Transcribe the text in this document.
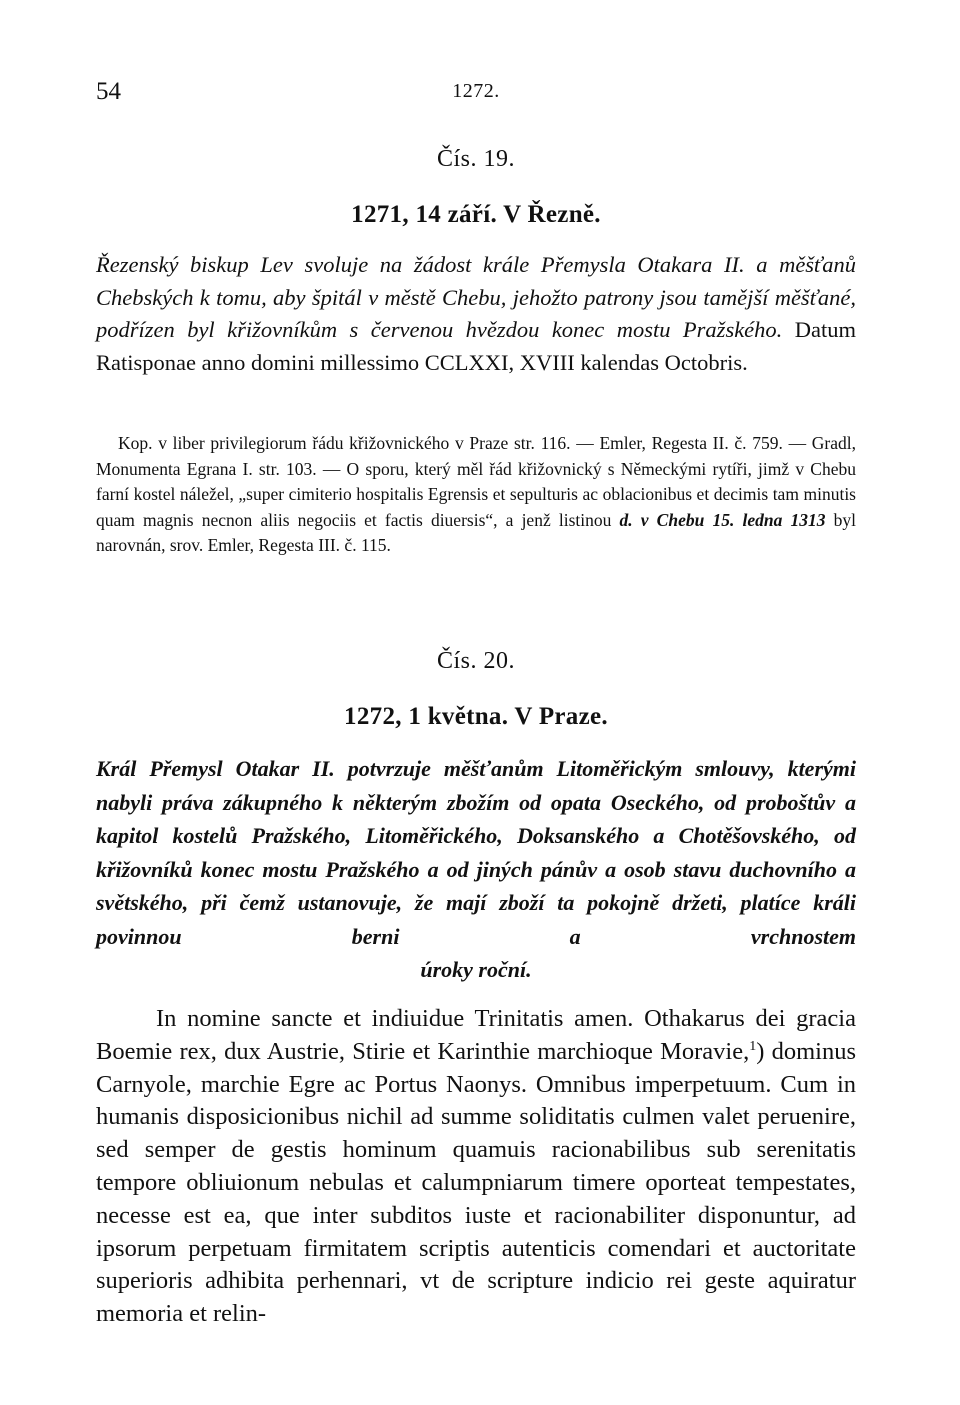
54	1272.
Čís. 19.
1271, 14 září. V Řezně.

Řezenský biskup Lev svoluje na žádost krále Přemysla Otakara II. a měšťanů Chebských k tomu, aby špitál v městě Chebu, jehožto patrony jsou tamější měšťané, podřízen byl křižovníkům s červenou hvězdou konec mostu Pražského. Datum Ratisponae anno domini millessimo CCLXXI, XVIII kalendas Octobris.

Kop. v liber privilegiorum řádu křižovnického v Praze str. 116. — Emler, Regesta II. č. 759. — Gradl, Monumenta Egrana I. str. 103. — O sporu, který měl řád křižovnický s Německými rytíři, jimž v Chebu farní kostel náležel, „super cimiterio hospitalis Egrensis et sepulturis ac oblacionibus et decimis tam minutis quam magnis necnon aliis negociis et factis diuersis“, a jenž listinou d. v Chebu 15. ledna 1313 byl narovnán, srov. Emler, Regesta III. č. 115.

Čís. 20.
1272, 1 května. V Praze.
Král Přemysl Otakar II. potvrzuje měšťanům Litoměřickým smlouvy, kterými nabyli práva zákupného k některým zbožím od opata Oseckého, od proboštův a kapitol kostelů Pražského, Litoměřického, Doksanského a Chotěšovského, od křižovníků konec mostu Pražského a od jiných pánův a osob stavu duchovního a světského, při čemž ustanovuje, že mají zboží ta pokojně držeti, platíce králi povinnou berni a vrchnostem
úroky roční.

In nomine sancte et indiuidue Trinitatis amen. Othakarus dei gracia Boemie rex, dux Austrie, Stirie et Karinthie marchioque Moravie,$^1$) dominus Carnyole, marchie Egre ac Portus Naonys. Omnibus imperpetuum. Cum in humanis disposicionibus nichil ad summe soliditatis culmen valet peruenire, sed semper de gestis hominum quamuis racionabilibus sub serenitatis tempore obliuionum nebulas et calumpniarum timere oporteat tempestates, necesse est ea, que inter subditos iuste et racionabiliter disponuntur, ad ipsorum perpetuam firmitatem scriptis autenticis comendari et auctoritate superioris adhibita perhennari, vt de scripture indicio rei geste aquiratur memoria et relin-
